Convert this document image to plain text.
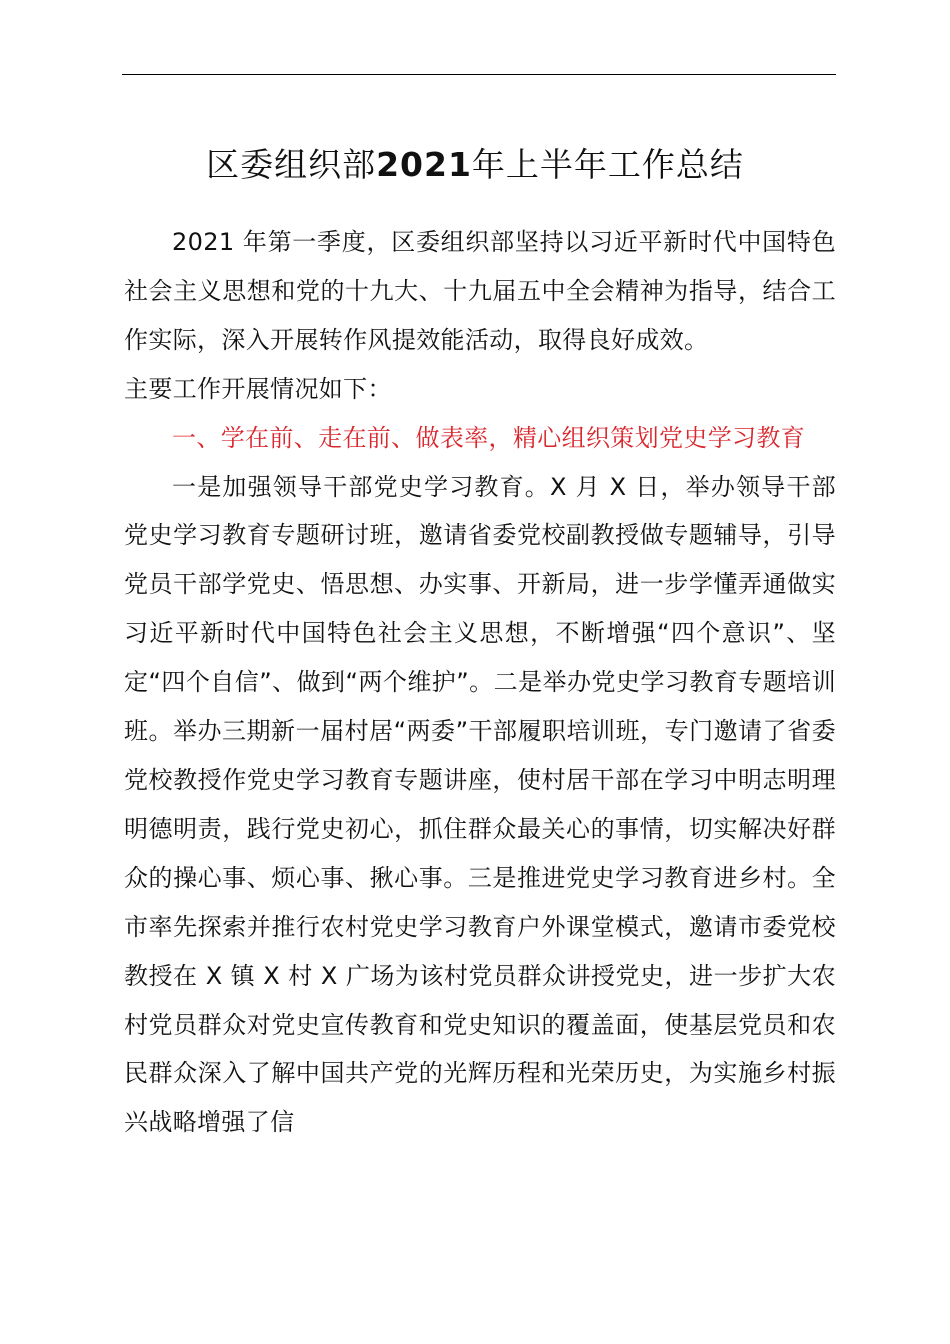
区委组织部2021年上半年工作总结

2021 年第一季度，区委组织部坚持以习近平新时代中国特色社会主义思想和党的十九大、十九届五中全会精神为指导，结合工作实际，深入开展转作风提效能活动，取得良好成效。

主要工作开展情况如下：

一、学在前、走在前、做表率，精心组织策划党史学习教育

一是加强领导干部党史学习教育。X 月 X 日，举办领导干部党史学习教育专题研讨班，邀请省委党校副教授做专题辅导，引导党员干部学党史、悟思想、办实事、开新局，进一步学懂弄通做实习近平新时代中国特色社会主义思想，不断增强“四个意识”、坚定“四个自信”、做到“两个维护”。二是举办党史学习教育专题培训班。举办三期新一届村居“两委”干部履职培训班，专门邀请了省委党校教授作党史学习教育专题讲座，使村居干部在学习中明志明理明德明责，践行党史初心，抓住群众最关心的事情，切实解决好群众的操心事、烦心事、揪心事。三是推进党史学习教育进乡村。全市率先探索并推行农村党史学习教育户外课堂模式，邀请市委党校教授在 X 镇 X 村 X 广场为该村党员群众讲授党史，进一步扩大农村党员群众对党史宣传教育和党史知识的覆盖面，使基层党员和农民群众深入了解中国共产党的光辉历程和光荣历史，为实施乡村振兴战略增强了信
